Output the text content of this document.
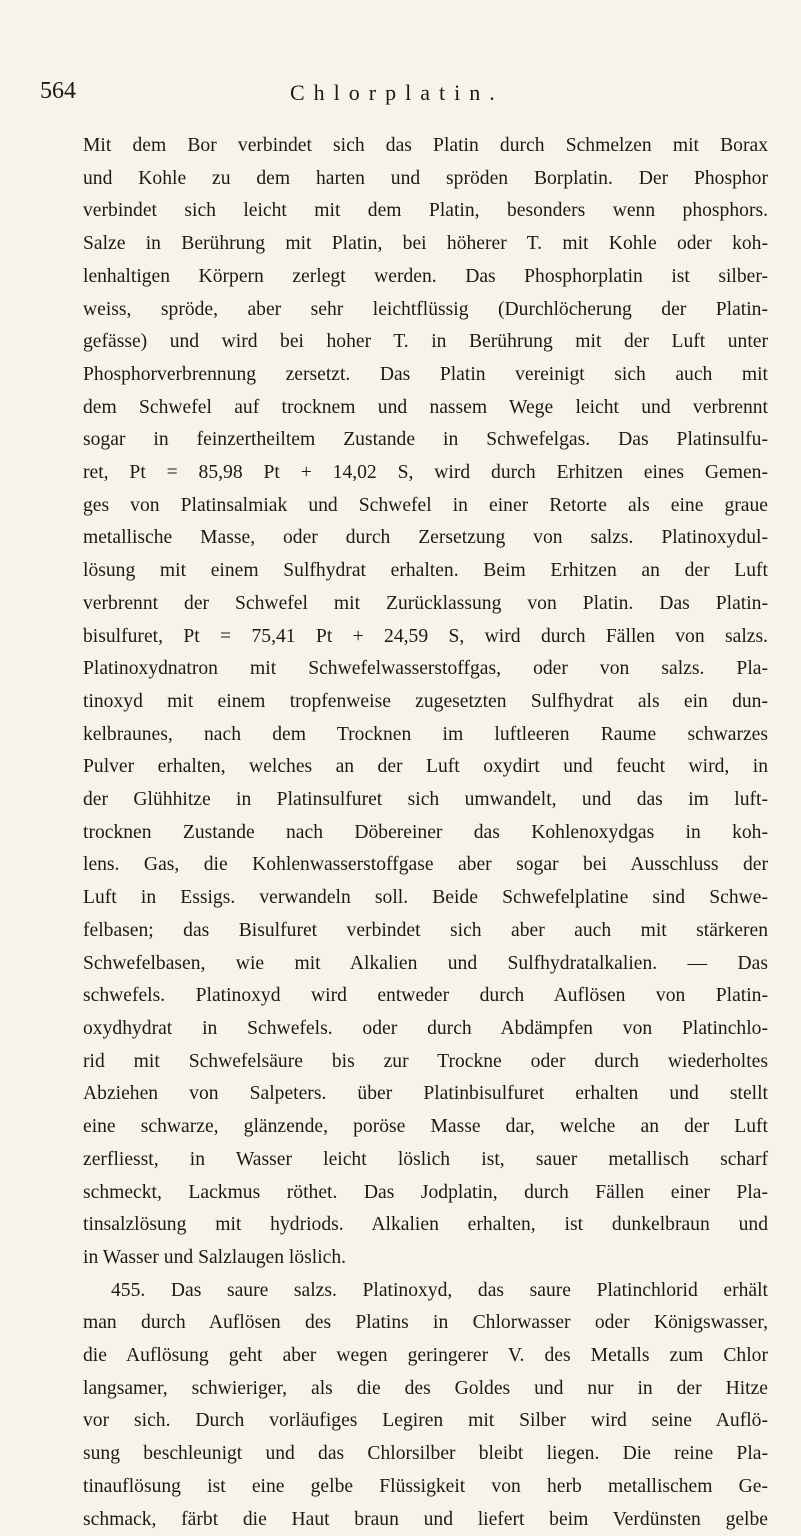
564	Chlorplatin.
Mit dem Bor verbindet sich das Platin durch Schmelzen mit Borax
und Kohle zu dem harten und spröden Borplatin. Der Phosphor
verbindet sich leicht mit dem Platin, besonders wenn phosphors.
Salze in Berührung mit Platin, bei höherer T. mit Kohle oder koh-
lenhaltigen Körpern zerlegt werden. Das Phosphorplatin ist silber-
weiss, spröde, aber sehr leichtflüssig (Durchlöcherung der Platin-
gefässe) und wird bei hoher T. in Berührung mit der Luft unter
Phosphorverbrennung zersetzt. Das Platin vereinigt sich auch mit
dem Schwefel auf trocknem und nassem Wege leicht und verbrennt
sogar in feinzertheiltem Zustande in Schwefelgas. Das Platinsulfu-
ret, Pt = 85,98 Pt + 14,02 S, wird durch Erhitzen eines Gemen-
ges von Platinsalmiak und Schwefel in einer Retorte als eine graue
metallische Masse, oder durch Zersetzung von salzs. Platinoxydul-
lösung mit einem Sulfhydrat erhalten. Beim Erhitzen an der Luft
verbrennt der Schwefel mit Zurücklassung von Platin. Das Platin-
bisulfuret, Pt = 75,41 Pt + 24,59 S, wird durch Fällen von salzs.
Platinoxydnatron mit Schwefelwasserstoffgas, oder von salzs. Pla-
tinoxyd mit einem tropfenweise zugesetzten Sulfhydrat als ein dun-
kelbraunes, nach dem Trocknen im luftleeren Raume schwarzes
Pulver erhalten, welches an der Luft oxydirt und feucht wird, in
der Glühhitze in Platinsulfuret sich umwandelt, und das im luft-
trocknen Zustande nach Döbereiner das Kohlenoxydgas in koh-
lens. Gas, die Kohlenwasserstoffgase aber sogar bei Ausschluss der
Luft in Essigs. verwandeln soll. Beide Schwefelplatine sind Schwe-
felbasen; das Bisulfuret verbindet sich aber auch mit stärkeren
Schwefelbasen, wie mit Alkalien und Sulfhydratalkalien. — Das
schwefels. Platinoxyd wird entweder durch Auflösen von Platin-
oxydhydrat in Schwefels. oder durch Abdämpfen von Platinchlo-
rid mit Schwefelsäure bis zur Trockne oder durch wiederholtes
Abziehen von Salpeters. über Platinbisulfuret erhalten und stellt
eine schwarze, glänzende, poröse Masse dar, welche an der Luft
zerfliesst, in Wasser leicht löslich ist, sauer metallisch scharf
schmeckt, Lackmus röthet. Das Jodplatin, durch Fällen einer Pla-
tinsalzlösung mit hydriods. Alkalien erhalten, ist dunkelbraun und
in Wasser und Salzlaugen löslich.
455. Das saure salzs. Platinoxyd, das saure Platinchlorid erhält
man durch Auflösen des Platins in Chlorwasser oder Königswasser,
die Auflösung geht aber wegen geringerer V. des Metalls zum Chlor
langsamer, schwieriger, als die des Goldes und nur in der Hitze
vor sich. Durch vorläufiges Legiren mit Silber wird seine Auflö-
sung beschleunigt und das Chlorsilber bleibt liegen. Die reine Pla-
tinauflösung ist eine gelbe Flüssigkeit von herb metallischem Ge-
schmack, färbt die Haut braun und liefert beim Verdünsten gelbe
